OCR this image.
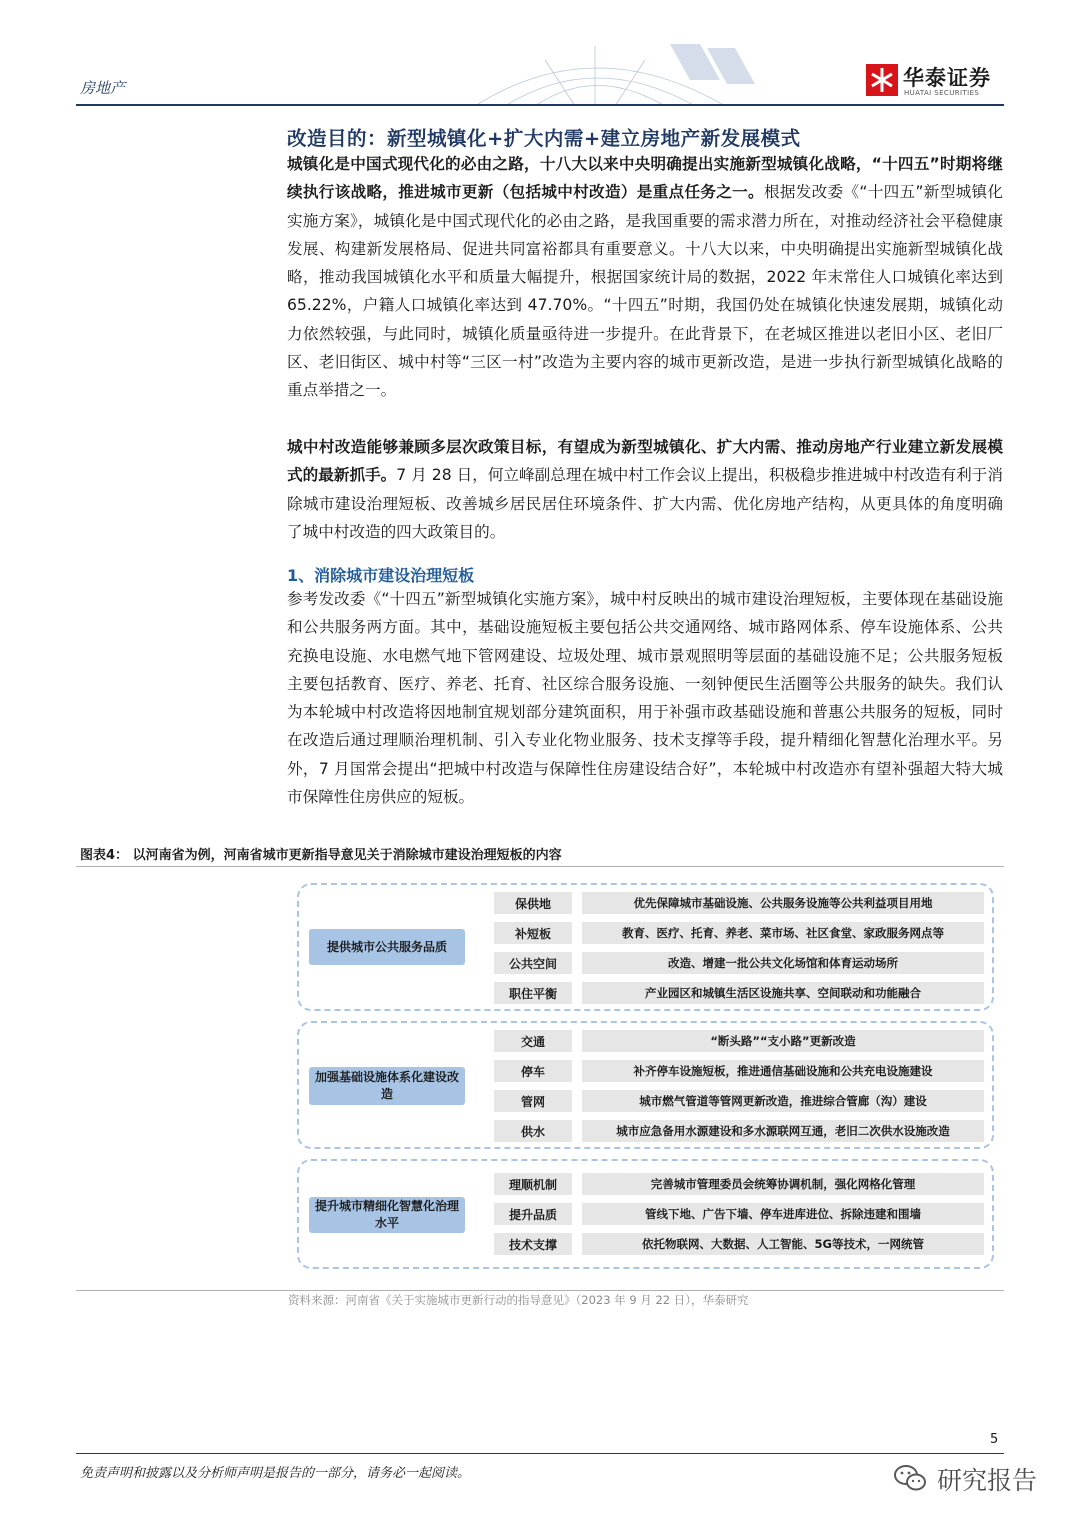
房地产	华泰证券
HUATAI SECURITIES
改造目的：新型城镇化+扩大内需+建立房地产新发展模式
城镇化是中国式现代化的必由之路，十八大以来中央明确提出实施新型城镇化战略，“十四五”时期将继续执行该战略，推进城市更新（包括城中村改造）是重点任务之一。根据发改委《“十四五”新型城镇化实施方案》，城镇化是中国式现代化的必由之路，是我国重要的需求潜力所在，对推动经济社会平稳健康发展、构建新发展格局、促进共同富裕都具有重要意义。十八大以来，中央明确提出实施新型城镇化战略，推动我国城镇化水平和质量大幅提升，根据国家统计局的数据，2022 年末常住人口城镇化率达到 65.22%，户籍人口城镇化率达到 47.70%。“十四五”时期，我国仍处在城镇化快速发展期，城镇化动力依然较强，与此同时，城镇化质量亟待进一步提升。在此背景下，在老城区推进以老旧小区、老旧厂区、老旧街区、城中村等“三区一村”改造为主要内容的城市更新改造，是进一步执行新型城镇化战略的重点举措之一。
城中村改造能够兼顾多层次政策目标，有望成为新型城镇化、扩大内需、推动房地产行业建立新发展模式的最新抓手。7 月 28 日，何立峰副总理在城中村工作会议上提出，积极稳步推进城中村改造有利于消除城市建设治理短板、改善城乡居民居住环境条件、扩大内需、优化房地产结构，从更具体的角度明确了城中村改造的四大政策目的。
1、消除城市建设治理短板
参考发改委《“十四五”新型城镇化实施方案》，城中村反映出的城市建设治理短板，主要体现在基础设施和公共服务两方面。其中，基础设施短板主要包括公共交通网络、城市路网体系、停车设施体系、公共充换电设施、水电燃气地下管网建设、垃圾处理、城市景观照明等层面的基础设施不足；公共服务短板主要包括教育、医疗、养老、托育、社区综合服务设施、一刻钟便民生活圈等公共服务的缺失。我们认为本轮城中村改造将因地制宜规划部分建筑面积，用于补强市政基础设施和普惠公共服务的短板，同时在改造后通过理顺治理机制、引入专业化物业服务、技术支撑等手段，提升精细化智慧化治理水平。另外，7 月国常会提出“把城中村改造与保障性住房建设结合好”，本轮城中村改造亦有望补强超大特大城市保障性住房供应的短板。
图表4： 以河南省为例，河南省城市更新指导意见关于消除城市建设治理短板的内容
提供城市公共服务品质
保供地	优先保障城市基础设施、公共服务设施等公共利益项目用地
补短板	教育、医疗、托育、养老、菜市场、社区食堂、家政服务网点等
公共空间	改造、增建一批公共文化场馆和体育运动场所
职住平衡	产业园区和城镇生活区设施共享、空间联动和功能融合
加强基础设施体系化建设改造
交通	“断头路”“支小路”更新改造
停车	补齐停车设施短板，推进通信基础设施和公共充电设施建设
管网	城市燃气管道等管网更新改造，推进综合管廊（沟）建设
供水	城市应急备用水源建设和多水源联网互通，老旧二次供水设施改造
提升城市精细化智慧化治理水平
理顺机制	完善城市管理委员会统筹协调机制，强化网格化管理
提升品质	管线下地、广告下墙、停车进库进位、拆除违建和围墙
技术支撑	依托物联网、大数据、人工智能、5G等技术，一网统管
资料来源：河南省《关于实施城市更新行动的指导意见》（2023 年 9 月 22 日），华泰研究
5
免责声明和披露以及分析师声明是报告的一部分，请务必一起阅读。	研究报告
